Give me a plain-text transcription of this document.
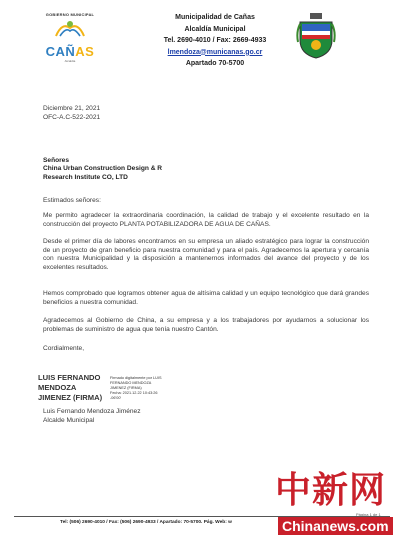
GOBIERNO MUNICIPAL
CAÑAS
Alcaldía
Municipalidad de Cañas
Alcaldía Municipal
Tel. 2690-4010 / Fax: 2669-4933
lmendoza@municanas.go.cr
Apartado 70-5700
Diciembre 21, 2021
OFC-A.C-522-2021
Señores
China Urban Construction Design & R
Research Institute CO, LTD
Estimados señores:
Me permito agradecer la extraordinaria coordinación, la calidad de trabajo y el excelente resultado en la construcción del proyecto PLANTA POTABILIZADORA DE AGUA DE CAÑAS.
Desde el primer día de labores encontramos en su empresa un aliado estratégico para lograr la construcción de un proyecto de gran beneficio para nuestra comunidad y para el país. Agradecemos la apertura y cercanía con nuestra Municipalidad y la disposición a mantenernos informados del avance del proyecto y de los excelentes resultados.
Hemos comprobado que logramos obtener agua de altísima calidad y un equipo tecnológico que dará grandes beneficios a nuestra comunidad.
Agradecemos al Gobierno de China, a su empresa y a los trabajadores por ayudarnos a solucionar los problemas de suministro de agua que tenía nuestro Cantón.
Cordialmente,
LUIS FERNANDO
MENDOZA
JIMENEZ (FIRMA)
Firmado digitalmente por LUIS
FERNANDO MENDOZA
JIMENEZ (FIRMA)
Fecha: 2021.12.22 10:43:26
-06'00'
Luis Fernando Mendoza Jiménez
Alcalde Municipal
Página 1 de 1
Tel: (506) 2690-4010 / Fax: (506) 2690-4933 / Apartado: 70-5700. Pág. Web: w
中新网
Chinanews.com
